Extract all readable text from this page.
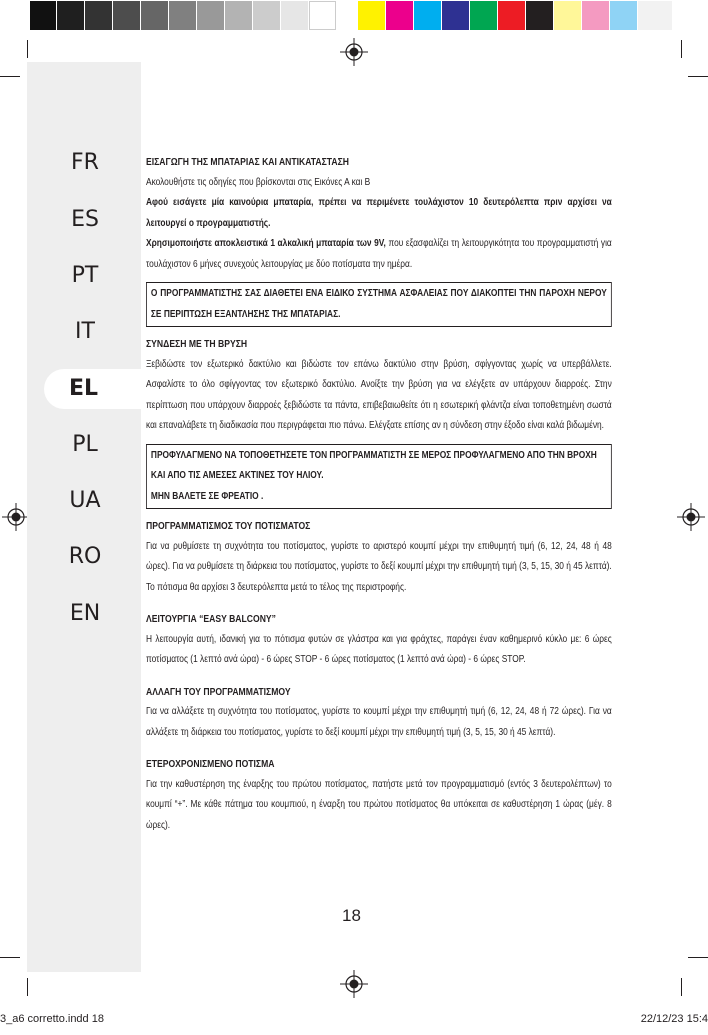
FR
ES
PT
IT
EL
PL
UA
RO
EN

ΕΙΣΑΓΩΓΗ ΤΗΣ ΜΠΑΤΑΡΙΑΣ ΚΑΙ ΑΝΤΙΚΑΤΑΣΤΑΣΗ

Ακολουθήστε τις οδηγίες που βρίσκονται στις Εικόνες Α και Β

Αφού εισάγετε μία καινούρια μπαταρία, πρέπει να περιμένετε τουλάχιστον 10 δευτερόλεπτα πριν αρχίσει να λειτουργεί ο προγραμματιστής.

Χρησιμοποιήστε αποκλειστικά 1 αλκαλική μπαταρία των 9V, που εξασφαλίζει τη λειτουργικότητα του προγραμματιστή για τουλάχιστον 6 μήνες συνεχούς λειτουργίας με δύο ποτίσματα την ημέρα.

Ο ΠΡΟΓΡΑΜΜΑΤΙΣΤΗΣ ΣΑΣ ΔΙΑΘΕΤΕΙ ΕΝΑ ΕΙΔΙΚΟ ΣΥΣΤΗΜΑ ΑΣΦΑΛΕΙΑΣ ΠΟΥ ΔΙΑΚΟΠΤΕΙ ΤΗΝ ΠΑΡΟΧΗ ΝΕΡΟΥ ΣΕ ΠΕΡΙΠΤΩΣΗ ΕΞΑΝΤΛΗΣΗΣ ΤΗΣ ΜΠΑΤΑΡΙΑΣ.

ΣΥΝΔΕΣΗ ΜΕ ΤΗ ΒΡΥΣΗ

Ξεβιδώστε τον εξωτερικό δακτύλιο και βιδώστε τον επάνω δακτύλιο στην βρύση, σφίγγοντας χωρίς να υπερβάλλετε. Ασφαλίστε το όλο σφίγγοντας τον εξωτερικό δακτύλιο. Ανοίξτε την βρύση για να ελέγξετε αν υπάρχουν διαρροές. Στην περίπτωση που υπάρχουν διαρροές ξεβιδώστε τα πάντα, επιβεβαιωθείτε ότι η εσωτερική φλάντζα είναι τοποθετημένη σωστά και επαναλάβετε τη διαδικασία που περιγράφεται πιο πάνω. Ελέγξατε επίσης αν η σύνδεση στην έξοδο είναι καλά βιδωμένη.

ΠΡΟΦΥΛΑΓΜΕΝΟ ΝΑ ΤΟΠΟΘΕΤΗΣΕΤΕ ΤΟΝ ΠΡΟΓΡΑΜΜΑΤΙΣΤΗ ΣΕ ΜΕΡΟΣ ΠΡΟΦΥΛΑΓΜΕΝΟ ΑΠΟ ΤΗΝ ΒΡΟΧΗ ΚΑΙ ΑΠΟ ΤΙΣ ΑΜΕΣΕΣ ΑΚΤΙΝΕΣ ΤΟΥ ΗΛΙΟΥ.

ΜΗΝ ΒΑΛΕΤΕ ΣΕ ΦΡΕΑΤΙΟ .

ΠΡΟΓΡΑΜΜΑΤΙΣΜΟΣ ΤΟΥ ΠΟΤΙΣΜΑΤΟΣ

Για να ρυθμίσετε τη συχνότητα του ποτίσματος, γυρίστε το αριστερό κουμπί μέχρι την επιθυμητή τιμή (6, 12, 24, 48 ή 48 ώρες). Για να ρυθμίσετε τη διάρκεια του ποτίσματος, γυρίστε το δεξί κουμπί μέχρι την επιθυμητή τιμή (3, 5, 15, 30 ή 45 λεπτά). Το πότισμα θα αρχίσει 3 δευτερόλεπτα μετά το τέλος της περιστροφής.

ΛΕΙΤΟΥΡΓΙΑ “EASY BALCONY”

Η λειτουργία αυτή, ιδανική για το πότισμα φυτών σε γλάστρα και για φράχτες, παράγει έναν καθημερινό κύκλο με: 6 ώρες ποτίσματος (1 λεπτό ανά ώρα) - 6 ώρες STOP - 6 ώρες ποτίσματος (1 λεπτό ανά ώρα) - 6 ώρες STOP.

ΑΛΛΑΓΗ ΤΟΥ ΠΡΟΓΡΑΜΜΑΤΙΣΜΟΥ

Για να αλλάξετε τη συχνότητα του ποτίσματος, γυρίστε το κουμπί μέχρι την επιθυμητή τιμή (6, 12, 24, 48 ή 72 ώρες). Για να αλλάξετε τη διάρκεια του ποτίσματος, γυρίστε το δεξί κουμπί μέχρι την επιθυμητή τιμή (3, 5, 15, 30 ή 45 λεπτά).

ΕΤΕΡΟΧΡΟΝΙΣΜΕΝΟ ΠΟΤΙΣΜΑ

Για την καθυστέρηση της έναρξης του πρώτου ποτίσματος, πατήστε μετά τον προγραμματισμό (εντός 3 δευτερολέπτων) το κουμπί “+”. Με κάθε πάτημα του κουμπιού, η έναρξη του πρώτου ποτίσματος θα υπόκειται σε καθυστέρηση 1 ώρας (μέγ. 8 ώρες).

18
3_a6 corretto.indd 18	22/12/23 15:4
